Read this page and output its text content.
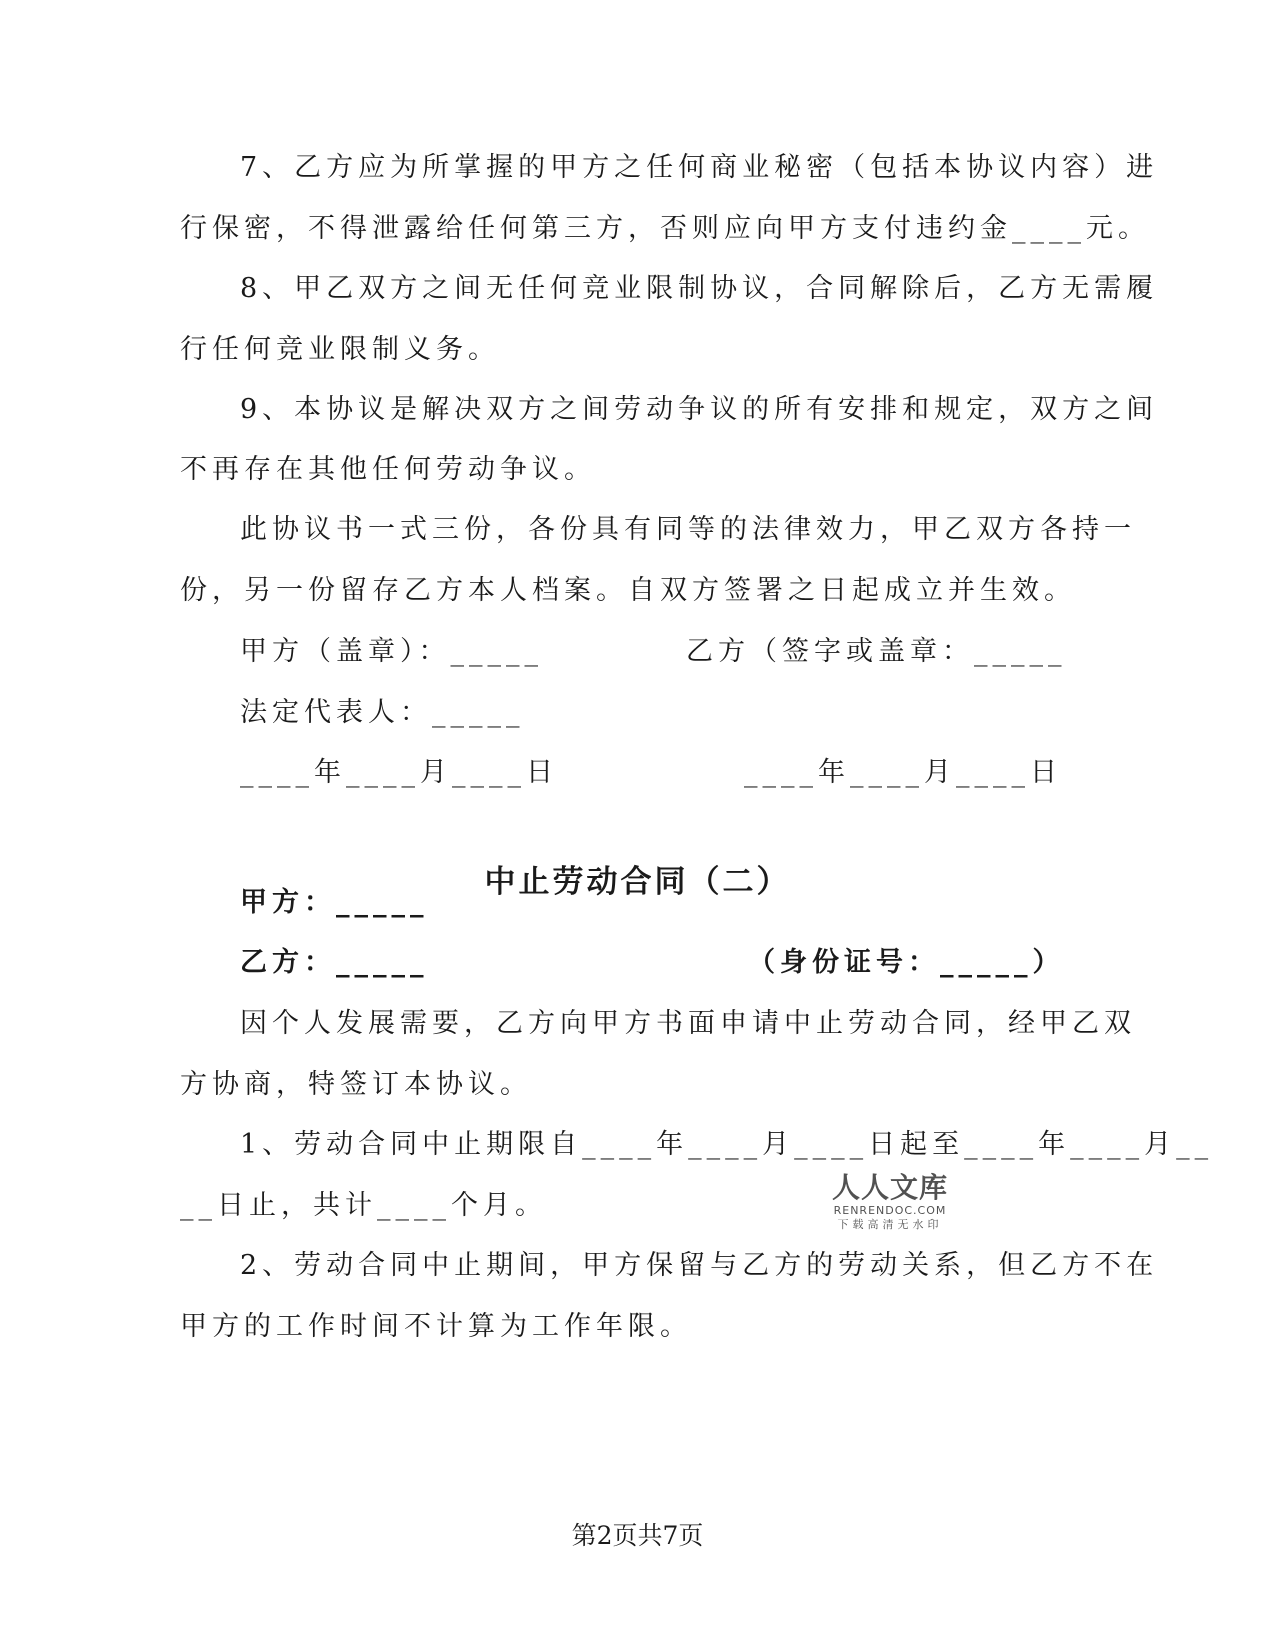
7、乙方应为所掌握的甲方之任何商业秘密（包括本协议内容）进
行保密，不得泄露给任何第三方，否则应向甲方支付违约金____元。
8、甲乙双方之间无任何竞业限制协议，合同解除后，乙方无需履
行任何竞业限制义务。
9、本协议是解决双方之间劳动争议的所有安排和规定，双方之间
不再存在其他任何劳动争议。
此协议书一式三份，各份具有同等的法律效力，甲乙双方各持一
份，另一份留存乙方本人档案。自双方签署之日起成立并生效。
甲方（盖章）：_____	乙方（签字或盖章：_____
法定代表人：_____
____年____月____日	____年____月____日
中止劳动合同（二）
甲方：_____
乙方：_____	（身份证号：_____）
因个人发展需要，乙方向甲方书面申请中止劳动合同，经甲乙双
方协商，特签订本协议。
1、劳动合同中止期限自____年____月____日起至____年____月__
__日止，共计____个月。
2、劳动合同中止期间，甲方保留与乙方的劳动关系，但乙方不在
甲方的工作时间不计算为工作年限。
人人文库
RENRENDOC.COM
下载高清无水印
第2页共7页
